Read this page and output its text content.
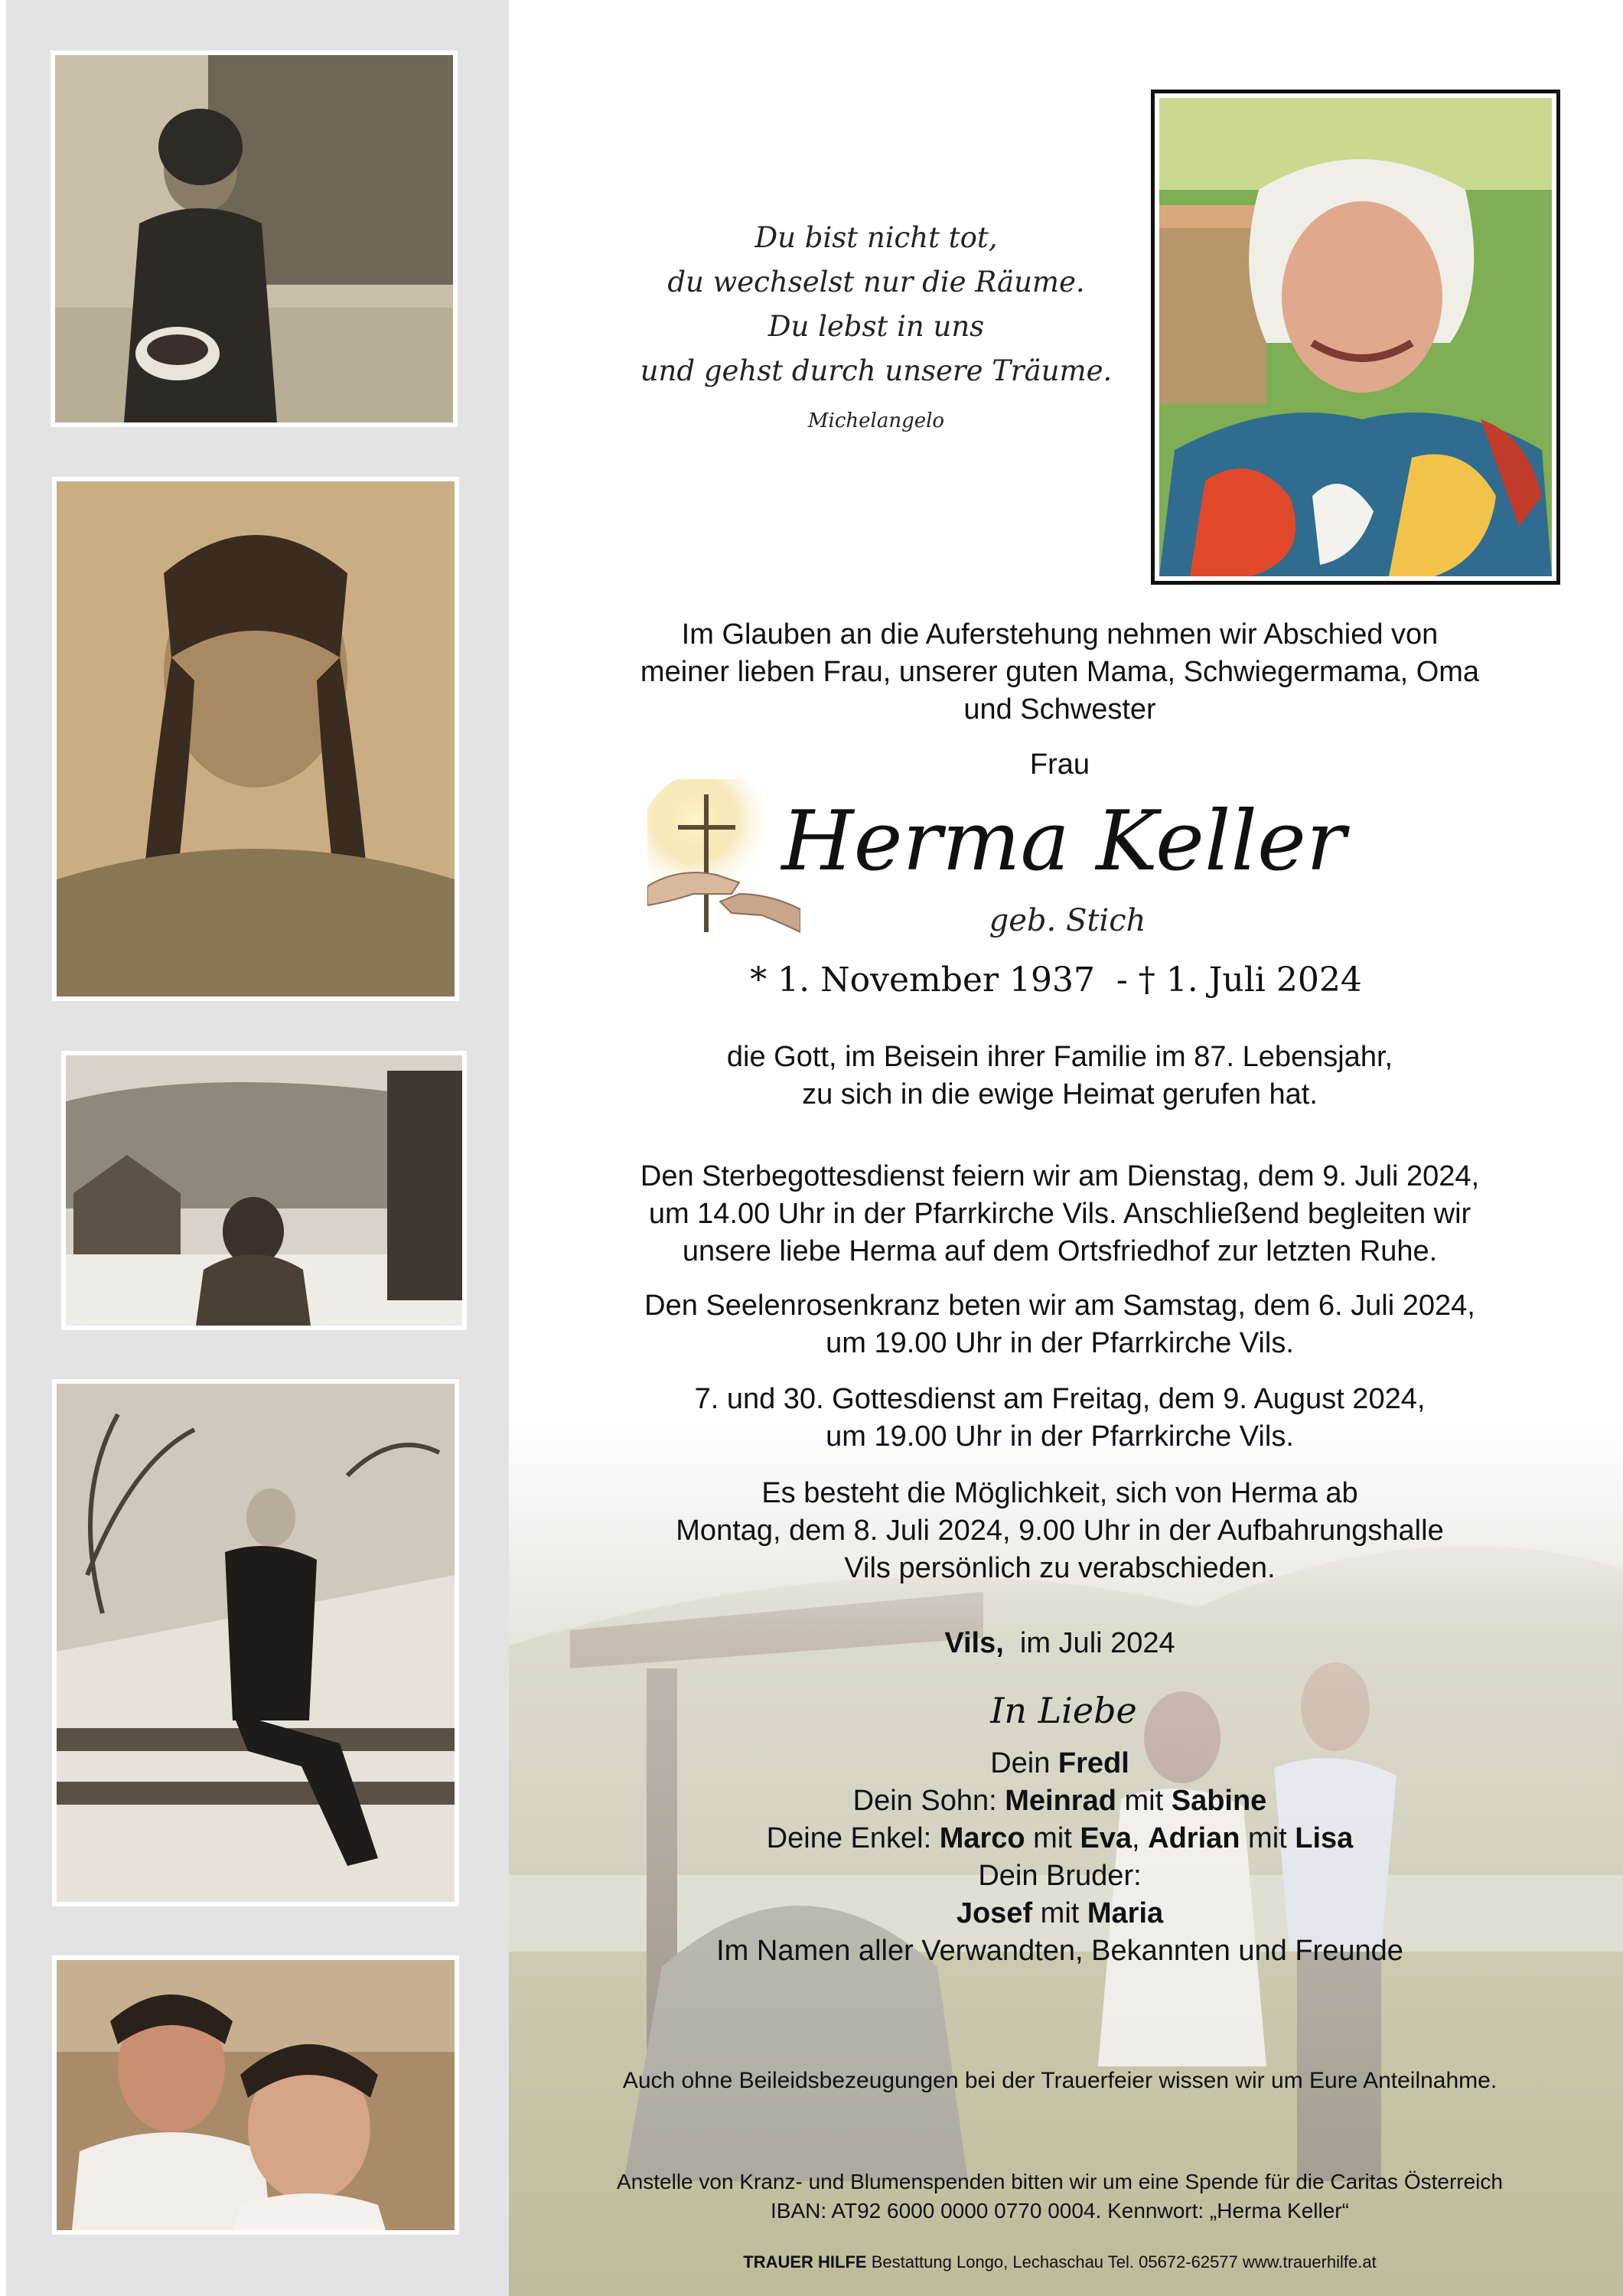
Du bist nicht tot,
du wechselst nur die Räume.
Du lebst in uns
und gehst durch unsere Träume.
Michelangelo
Im Glauben an die Auferstehung nehmen wir Abschied von
meiner lieben Frau, unserer guten Mama, Schwiegermama, Oma
und Schwester
Frau
Herma Keller
geb. Stich
* 1. November 1937 - † 1. Juli 2024
die Gott, im Beisein ihrer Familie im 87. Lebensjahr,
zu sich in die ewige Heimat gerufen hat.
Den Sterbegottesdienst feiern wir am Dienstag, dem 9. Juli 2024,
um 14.00 Uhr in der Pfarrkirche Vils. Anschließend begleiten wir
unsere liebe Herma auf dem Ortsfriedhof zur letzten Ruhe.
Den Seelenrosenkranz beten wir am Samstag, dem 6. Juli 2024,
um 19.00 Uhr in der Pfarrkirche Vils.
7. und 30. Gottesdienst am Freitag, dem 9. August 2024,
um 19.00 Uhr in der Pfarrkirche Vils.
Es besteht die Möglichkeit, sich von Herma ab
Montag, dem 8. Juli 2024, 9.00 Uhr in der Aufbahrungshalle
Vils persönlich zu verabschieden.
Vils, im Juli 2024
In Liebe
Dein Fredl
Dein Sohn: Meinrad mit Sabine
Deine Enkel: Marco mit Eva, Adrian mit Lisa
Dein Bruder:
Josef mit Maria
Im Namen aller Verwandten, Bekannten und Freunde
Auch ohne Beileidsbezeugungen bei der Trauerfeier wissen wir um Eure Anteilnahme.
Anstelle von Kranz- und Blumenspenden bitten wir um eine Spende für die Caritas Österreich
IBAN: AT92 6000 0000 0770 0004. Kennwort: „Herma Keller“
TRAUER HILFE Bestattung Longo, Lechaschau Tel. 05672-62577 www.trauerhilfe.at
